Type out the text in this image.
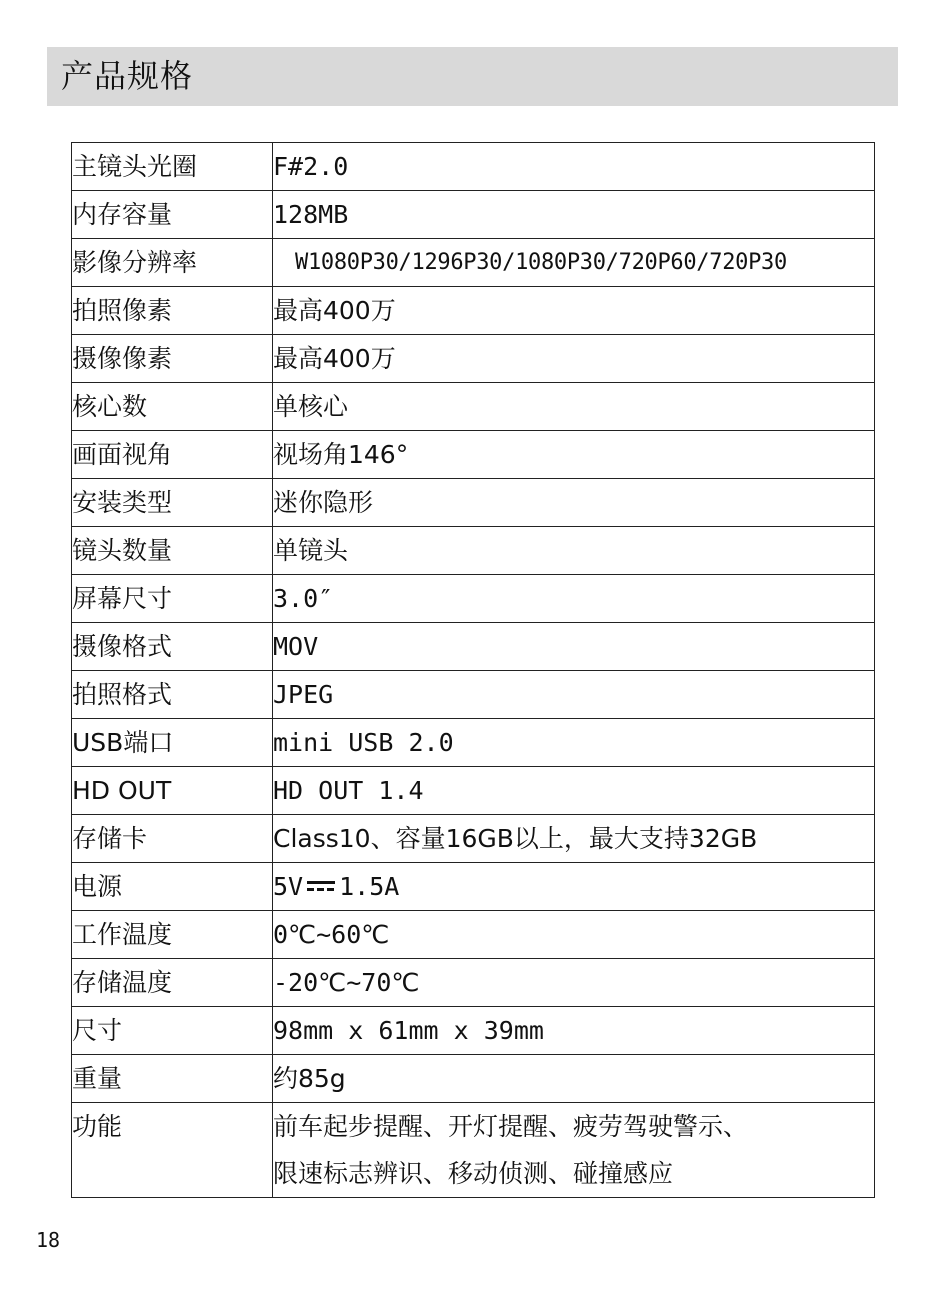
产品规格
主镜头光圈	F#2.0
内存容量	128MB
影像分辨率	W1080P30/1296P30/1080P30/720P60/720P30
拍照像素	最高400万
摄像像素	最高400万
核心数	单核心
画面视角	视场角146°
安装类型	迷你隐形
镜头数量	单镜头
屏幕尺寸	3.0″
摄像格式	MOV
拍照格式	JPEG
USB端口	mini USB 2.0
HD OUT	HD OUT 1.4
存储卡	Class10、容量16GB以上，最大支持32GB
电源	5V 1.5A
工作温度	0℃~60℃
存储温度	-20℃~70℃
尺寸	98mm x 61mm x 39mm
重量	约85g
功能	前车起步提醒、开灯提醒、疲劳驾驶警示、
限速标志辨识、移动侦测、碰撞感应
18
